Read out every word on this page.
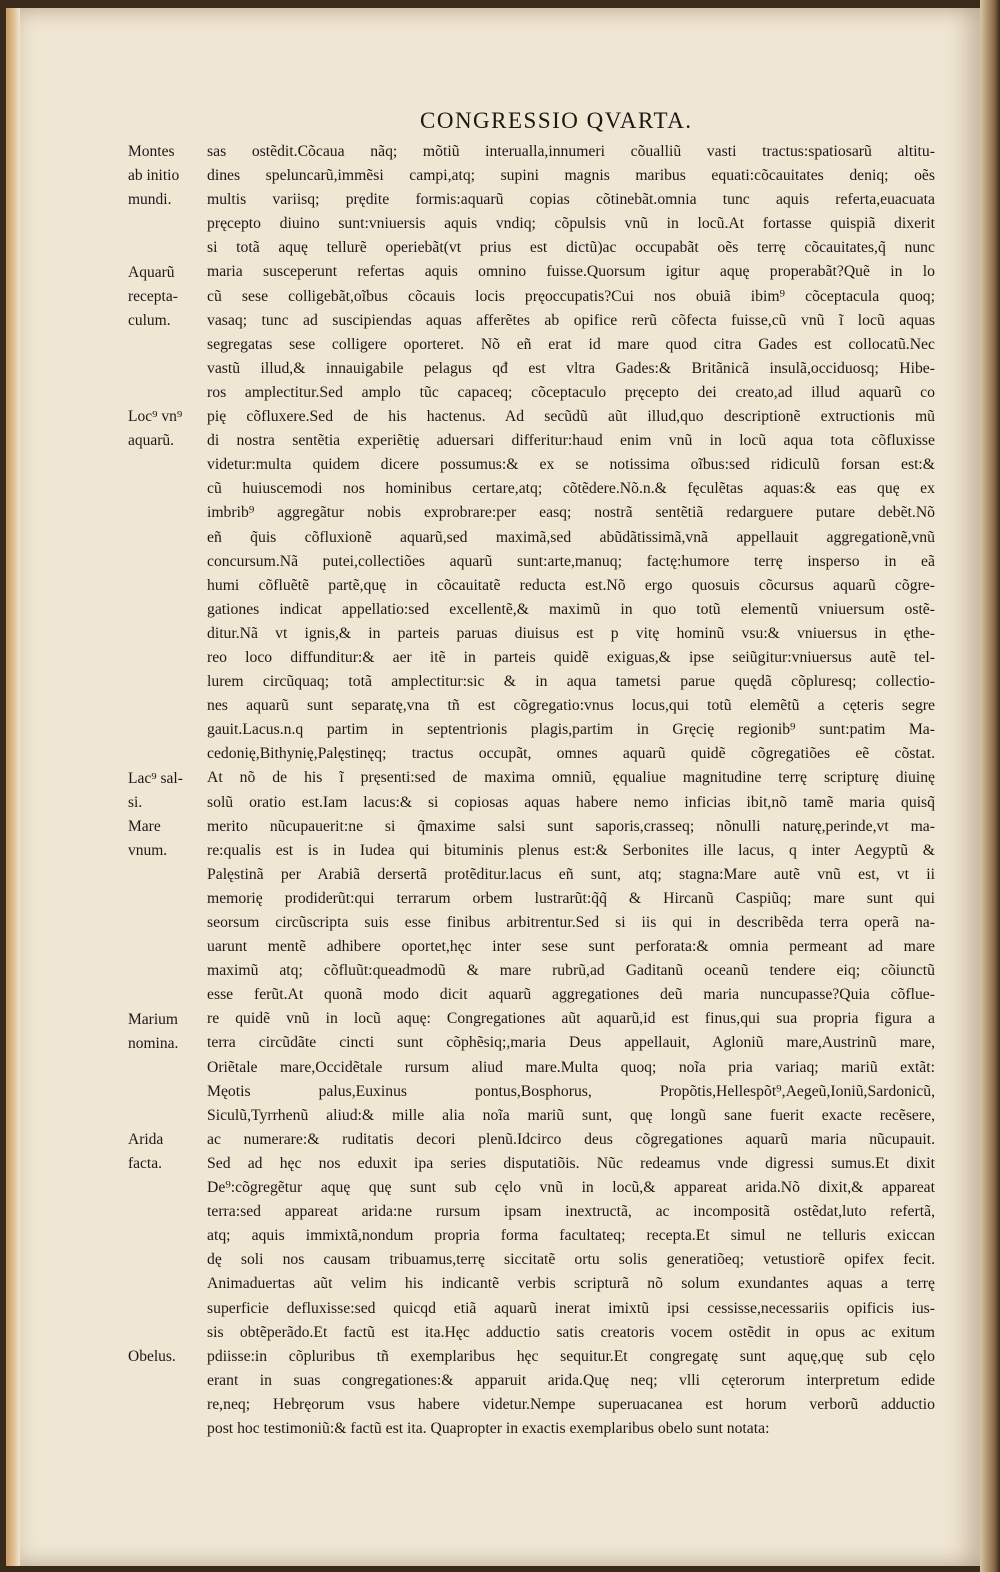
CONGRESSIO QVARTA.
sas ostẽdit.Cõcaua nãq; mõtiũ interualla,innumeri cõualliũ vasti tractus:spatiosarũ altitu-
dines speluncarũ,immẽsi campi,atq; supini magnis maribus equati:cõcauitates deniq; oẽs
multis variisq; prędite formis:aquarũ copias cõtinebãt.omnia tunc aquis referta,euacuata
pręcepto diuino sunt:vniuersis aquis vndiq; cõpulsis vnũ in locũ.At fortasse quispiã dixerit
si totã aquę tellurẽ operiebãt(vt prius est dictũ)ac occupabãt oẽs terrę cõcauitates,q̃ nunc
maria susceperunt refertas aquis omnino fuisse.Quorsum igitur aquę properabãt?Quẽ in lo
cũ sese colligebãt,oĩbus cõcauis locis pręoccupatis?Cui nos obuiã ibim⁹ cõceptacula quoq;
vasaq; tunc ad suscipiendas aquas afferẽtes ab opifice rerũ cõfecta fuisse,cũ vnũ ĩ locũ aquas
segregatas sese colligere oporteret. Nõ eñ erat id mare quod citra Gades est collocatũ.Nec
vastũ illud,& innauigabile pelagus qđ est vltra Gades:& Britãnicã insulã,occiduosq; Hibe-
ros amplectitur.Sed amplo tũc capaceq; cõceptaculo pręcepto dei creato,ad illud aquarũ co
pię cõfluxere.Sed de his hactenus. Ad secũdũ aũt illud,quo descriptionẽ extructionis mũ
di nostra sentẽtia experiẽtię aduersari differitur:haud enim vnũ in locũ aqua tota cõfluxisse
videtur:multa quidem dicere possumus:& ex se notissima oĩbus:sed ridiculũ forsan est:&
cũ huiuscemodi nos hominibus certare,atq; cõtẽdere.Nõ.n.& fęculẽtas aquas:& eas quę ex
imbrib⁹ aggregãtur nobis exprobrare:per easq; nostrã sentẽtiã redarguere putare debẽt.Nõ
eñ q̃uis cõfluxionẽ aquarũ,sed maximã,sed abũdãtissimã,vnã appellauit aggregationẽ,vnũ
concursum.Nã putei,collectiões aquarũ sunt:arte,manuq; factę:humore terrę insperso in eã
humi cõfluẽtẽ partẽ,quę in cõcauitatẽ reducta est.Nõ ergo quosuis cõcursus aquarũ cõgre-
gationes indicat appellatio:sed excellentẽ,& maximũ in quo totũ elementũ vniuersum ostẽ-
ditur.Nã vt ignis,& in parteis paruas diuisus est p vitę hominũ vsu:& vniuersus in ęthe-
reo loco diffunditur:& aer itẽ in parteis quidẽ exiguas,& ipse seiũgitur:vniuersus autẽ tel-
lurem circũquaq; totã amplectitur:sic & in aqua tametsi parue quędã cõpluresq; collectio-
nes aquarũ sunt separatę,vna tñ est cõgregatio:vnus locus,qui totũ elemẽtũ a cęteris segre
gauit.Lacus.n.q partim in septentrionis plagis,partim in Gręcię regionib⁹ sunt:patim Ma-
cedonię,Bithynię,Palęstinęq; tractus occupãt, omnes aquarũ quidẽ cõgregatiões eẽ cõstat.
At nõ de his ĩ pręsenti:sed de maxima omniũ, ęqualiue magnitudine terrę scripturę diuinę
solũ oratio est.Iam lacus:& si copiosas aquas habere nemo inficias ibit,nõ tamẽ maria quisq̃
merito nũcupauerit:ne si q̃maxime salsi sunt saporis,crasseq; nõnulli naturę,perinde,vt ma-
re:qualis est is in Iudea qui bituminis plenus est:& Serbonites ille lacus, q inter Aegyptũ &
Palęstinã per Arabiã dersertã protẽditur.lacus eñ sunt, atq; stagna:Mare autẽ vnũ est, vt ii
memorię prodiderũt:qui terrarum orbem lustrarũt:q̃q̃ & Hircanũ Caspiũq; mare sunt qui
seorsum circũscripta suis esse finibus arbitrentur.Sed si iis qui in describẽda terra operã na-
uarunt mentẽ adhibere oportet,hęc inter sese sunt perforata:& omnia permeant ad mare
maximũ atq; cõfluũt:queadmodũ & mare rubrũ,ad Gaditanũ oceanũ tendere eiq; cõiunctũ
esse ferũt.At quonã modo dicit aquarũ aggregationes deũ maria nuncupasse?Quia cõflue-
re quidẽ vnũ in locũ aquę: Congregationes aũt aquarũ,id est finus,qui sua propria figura a
terra circũdãte cincti sunt cõphẽsiq;,maria Deus appellauit, Agloniũ mare,Austrinũ mare,
Oriẽtale mare,Occidẽtale rursum aliud mare.Multa quoq; noĩa pria variaq; mariũ extãt:
Męotis palus,Euxinus pontus,Bosphorus, Propõtis,Hellespõt⁹,Aegeũ,Ioniũ,Sardonicũ,
Siculũ,Tyrrhenũ aliud:& mille alia noĩa mariũ sunt, quę longũ sane fuerit exacte recẽsere,
ac numerare:& ruditatis decori plenũ.Idcirco deus cõgregationes aquarũ maria nũcupauit.
Sed ad hęc nos eduxit ipa series disputatiõis. Nũc redeamus vnde digressi sumus.Et dixit
De⁹:cõgregẽtur aquę quę sunt sub cęlo vnũ in locũ,& appareat arida.Nõ dixit,& appareat
terra:sed appareat arida:ne rursum ipsam inextructã, ac incompositã ostẽdat,luto refertã,
atq; aquis immixtã,nondum propria forma facultateq; recepta.Et simul ne telluris exiccan
dę soli nos causam tribuamus,terrę siccitatẽ ortu solis generatiõeq; vetustiorẽ opifex fecit.
Animaduertas aũt velim his indicantẽ verbis scripturã nõ solum exundantes aquas a terrę
superficie defluxisse:sed quicqd etiã aquarũ inerat imixtũ ipsi cessisse,necessariis opificis ius-
sis obtẽperãdo.Et factũ est ita.Hęc adductio satis creatoris vocem ostẽdit in opus ac exitum
pdiisse:in cõpluribus tñ exemplaribus hęc sequitur.Et congregatę sunt aquę,quę sub cęlo
erant in suas congregationes:& apparuit arida.Quę neq; vlli cęterorum interpretum edide
re,neq; Hebręorum vsus habere videtur.Nempe superuacanea est horum verborũ adductio
post hoc testimoniũ:& factũ est ita. Quapropter in exactis exemplaribus obelo sunt notata:
Montes
ab initio
mundi.
Aquarũ
recepta-
culum.
Loc⁹ vn⁹
aquarũ.
Lac⁹ sal-
si.
Mare
vnum.
Marium
nomina.
Arida
facta.
Obelus.
